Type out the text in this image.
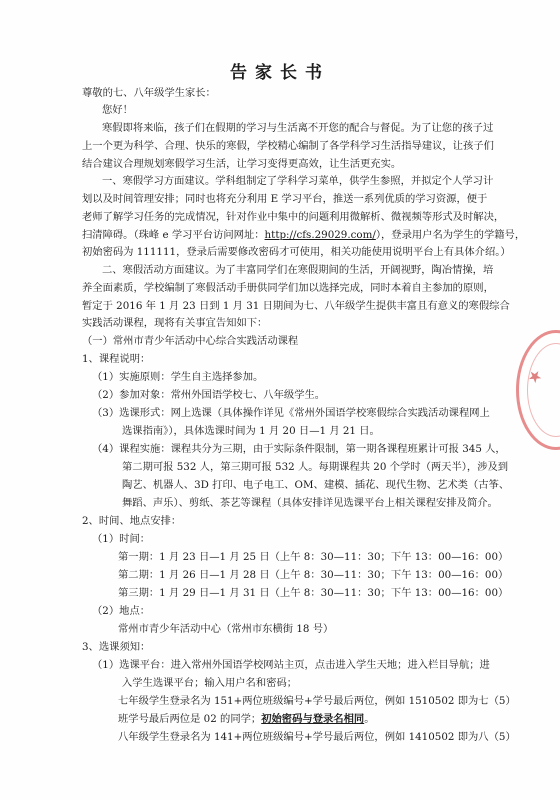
告家长书
尊敬的七、八年级学生家长：
您好！
寒假即将来临，孩子们在假期的学习与生活离不开您的配合与督促。为了让您的孩子过
上一个更为科学、合理、快乐的寒假，学校精心编制了各学科学习生活指导建议，让孩子们
结合建议合理规划寒假学习生活，让学习变得更高效，让生活更充实。
一、寒假学习方面建议。学科组制定了学科学习菜单，供学生参照，并拟定个人学习计
划以及时间管理安排；同时也将充分利用 E 学习平台，推送一系列优质的学习资源，便于
老师了解学习任务的完成情况，针对作业中集中的问题利用微解析、微视频等形式及时解决，
扫清障碍。（珠峰 e 学习平台访问网址：http://cfs.29029.com/），登录用户名为学生的学籍号，
初始密码为 111111，登录后需要修改密码才可使用，相关功能使用说明平台上有具体介绍。）
二、寒假活动方面建议。为了丰富同学们在寒假期间的生活，开阔视野，陶冶情操，培
养全面素质，学校编制了寒假活动手册供同学们加以选择完成，同时本着自主参加的原则，
暂定于 2016 年 1 月 23 日到 1 月 31 日期间为七、八年级学生提供丰富且有意义的寒假综合
实践活动课程，现将有关事宜告知如下：
（一）常州市青少年活动中心综合实践活动课程
1、课程说明：
（1）实施原则：学生自主选择参加。
（2）参加对象：常州外国语学校七、八年级学生。
（3）选课形式：网上选课（具体操作详见《常州外国语学校寒假综合实践活动课程网上
选课指南》），具体选课时间为 1 月 20 日—1 月 21 日。
（4）课程实施：课程共分为三期，由于实际条件限制，第一期各课程班累计可报 345 人，
第二期可报 532 人，第三期可报 532 人。每期课程共 20 个学时（两天半），涉及到
陶艺、机器人、3D 打印、电子电工、OM、建模、插花、现代生物、艺术类（古筝、
舞蹈、声乐）、剪纸、茶艺等课程（具体安排详见选课平台上相关课程安排及简介。
2、时间、地点安排：
（1）时间：
第一期：1 月 23 日—1 月 25 日（上午 8：30—11：30；下午 13：00—16：00）
第二期：1 月 26 日—1 月 28 日（上午 8：30—11：30；下午 13：00—16：00）
第三期：1 月 29 日—1 月 31 日（上午 8：30—11：30；下午 13：00—16：00）
（2）地点：
常州市青少年活动中心（常州市东横街 18 号）
3、选课须知：
（1）选课平台：进入常州外国语学校网站主页，点击进入学生天地；进入栏目导航；进
入学生选课平台；输入用户名和密码；
七年级学生登录名为 151+两位班级编号+学号最后两位，例如 1510502 即为七（5）
班学号最后两位是 02 的同学；初始密码与登录名相同。
八年级学生登录名为 141+两位班级编号+学号最后两位，例如 1410502 即为八（5）
★
